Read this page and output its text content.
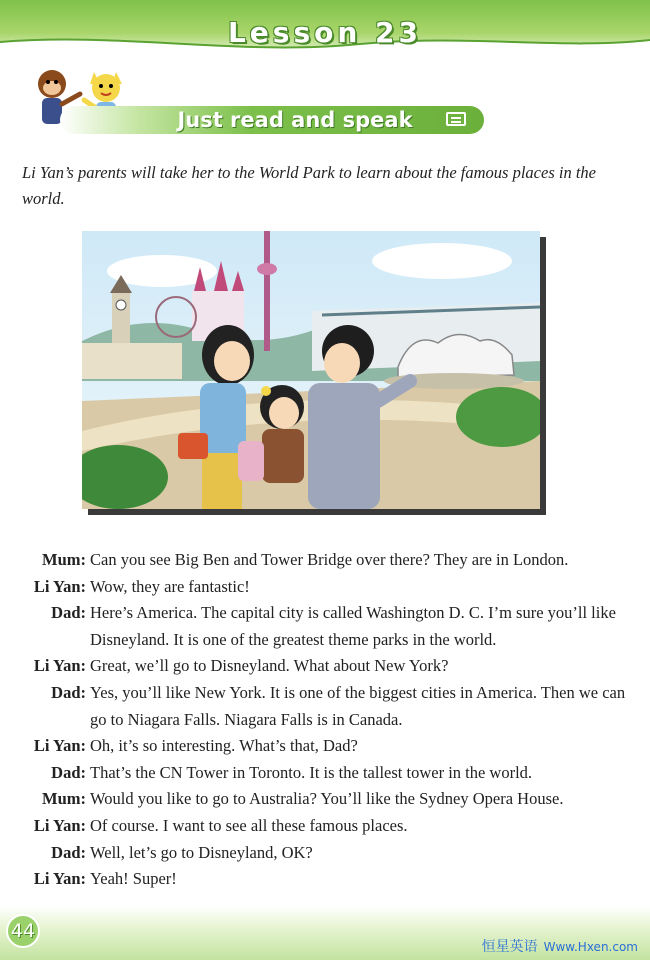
Lesson 23
Just read and speak
Li Yan’s parents will take her to the World Park to learn about the famous places in the world.
Mum: Can you see Big Ben and Tower Bridge over there? They are in London.
Li Yan: Wow, they are fantastic!
Dad: Here’s America. The capital city is called Washington D. C. I’m sure you’ll like Disneyland. It is one of the greatest theme parks in the world.
Li Yan: Great, we’ll go to Disneyland. What about New York?
Dad: Yes, you’ll like New York. It is one of the biggest cities in America. Then we can go to Niagara Falls. Niagara Falls is in Canada.
Li Yan: Oh, it’s so interesting. What’s that, Dad?
Dad: That’s the CN Tower in Toronto. It is the tallest tower in the world.
Mum: Would you like to go to Australia? You’ll like the Sydney Opera House.
Li Yan: Of course. I want to see all these famous places.
Dad: Well, let’s go to Disneyland, OK?
Li Yan: Yeah! Super!
44
恒星英语 Www.Hxen.com
